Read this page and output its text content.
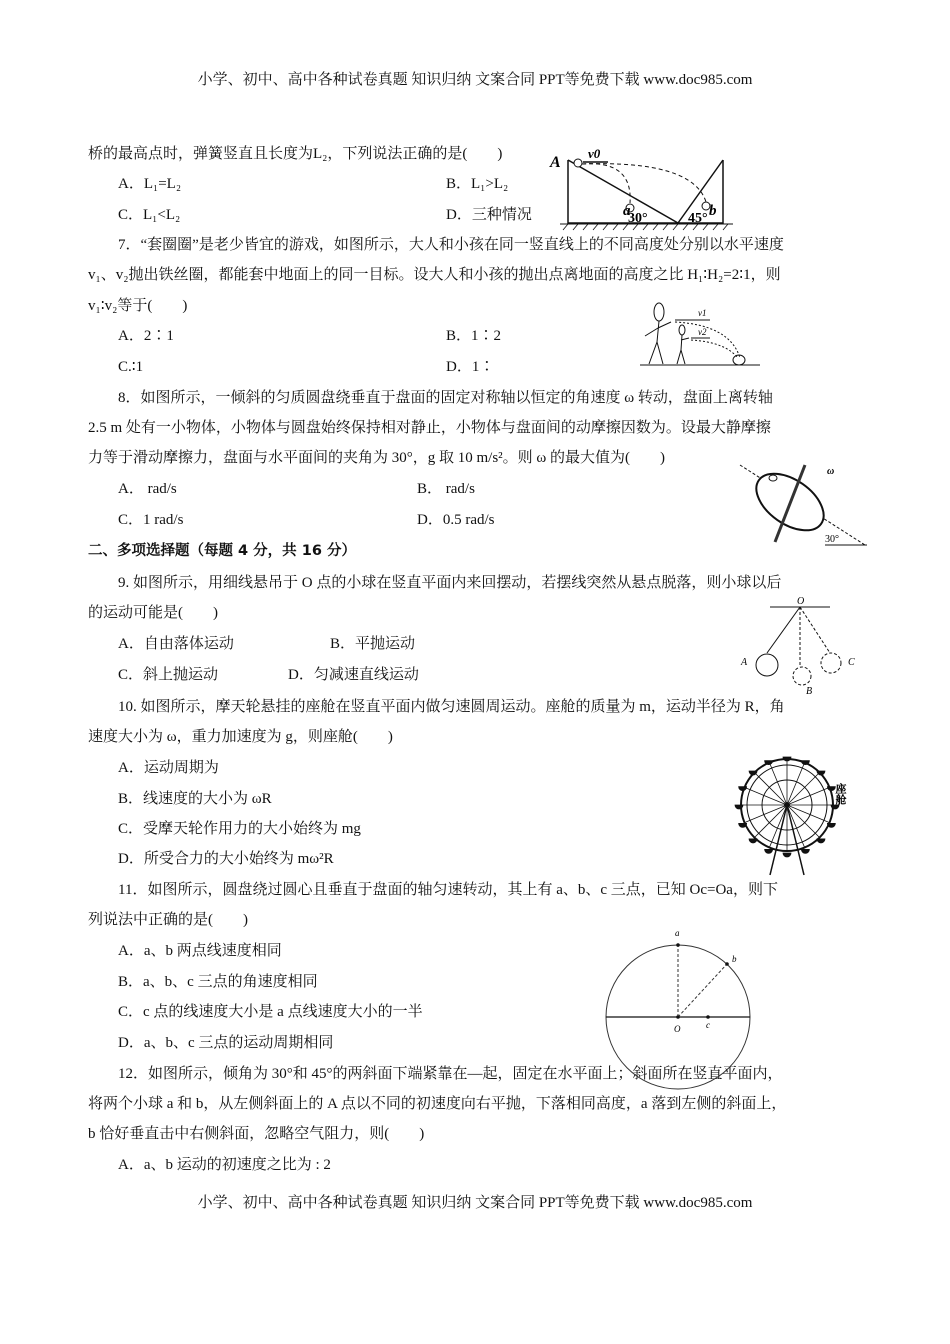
小学、初中、高中各种试卷真题 知识归纳 文案合同 PPT等免费下载 www.doc985.com
桥的最高点时，弹簧竖直且长度为L₂，下列说法正确的是(　　)
A．L₁=L₂	B．L₁>L₂
C．L₁<L₂	D．三种情况
7．“套圈圈”是老少皆宜的游戏，如图所示，大人和小孩在同一竖直线上的不同高度处分别以水平速度
v₁、v₂抛出铁丝圈，都能套中地面上的同一目标。设大人和小孩的抛出点离地面的高度之比 H₁∶H₂=2∶1，则
v₁∶v₂等于(　　)
A．2∶1	B．1∶2
C.∶1	D．1∶
8．如图所示，一倾斜的匀质圆盘绕垂直于盘面的固定对称轴以恒定的角速度 ω 转动，盘面上离转轴
2.5 m 处有一小物体，小物体与圆盘始终保持相对静止，小物体与盘面间的动摩擦因数为。设最大静摩擦
力等于滑动摩擦力，盘面与水平面间的夹角为 30°，g 取 10 m/s²。则 ω 的最大值为(　　)
A． rad/s	B． rad/s
C．1 rad/s	D．0.5 rad/s
二、多项选择题（每题 4 分，共 16 分）
9. 如图所示，用细线悬吊于 O 点的小球在竖直平面内来回摆动，若摆线突然从悬点脱落，则小球以后
的运动可能是(　　)
A．自由落体运动	B．平抛运动
C．斜上抛运动	D．匀减速直线运动
10. 如图所示，摩天轮悬挂的座舱在竖直平面内做匀速圆周运动。座舱的质量为 m，运动半径为 R，角
速度大小为 ω，重力加速度为 g，则座舱(　　)
A．运动周期为
B．线速度的大小为 ωR
C．受摩天轮作用力的大小始终为 mg
D．所受合力的大小始终为 mω²R
11．如图所示，圆盘绕过圆心且垂直于盘面的轴匀速转动，其上有 a、b、c 三点，已知 Oc=Oa，则下
列说法中正确的是(　　)
A．a、b 两点线速度相同
B．a、b、c 三点的角速度相同
C．c 点的线速度大小是 a 点线速度大小的一半
D．a、b、c 三点的运动周期相同
12．如图所示，倾角为 30°和 45°的两斜面下端紧靠在—起，固定在水平面上；斜面所在竖直平面内，
将两个小球 a 和 b，从左侧斜面上的 A 点以不同的初速度向右平抛，下落相同高度，a 落到左侧的斜面上，
b 恰好垂直击中右侧斜面，忽略空气阻力，则(　　)
A．a、b 运动的初速度之比为 : 2
小学、初中、高中各种试卷真题 知识归纳 文案合同 PPT等免费下载 www.doc985.com
A
v0
a	b
30°	45°
v1
v2
ω
30°
O
A
B
C
座舱
a
b
O	c
